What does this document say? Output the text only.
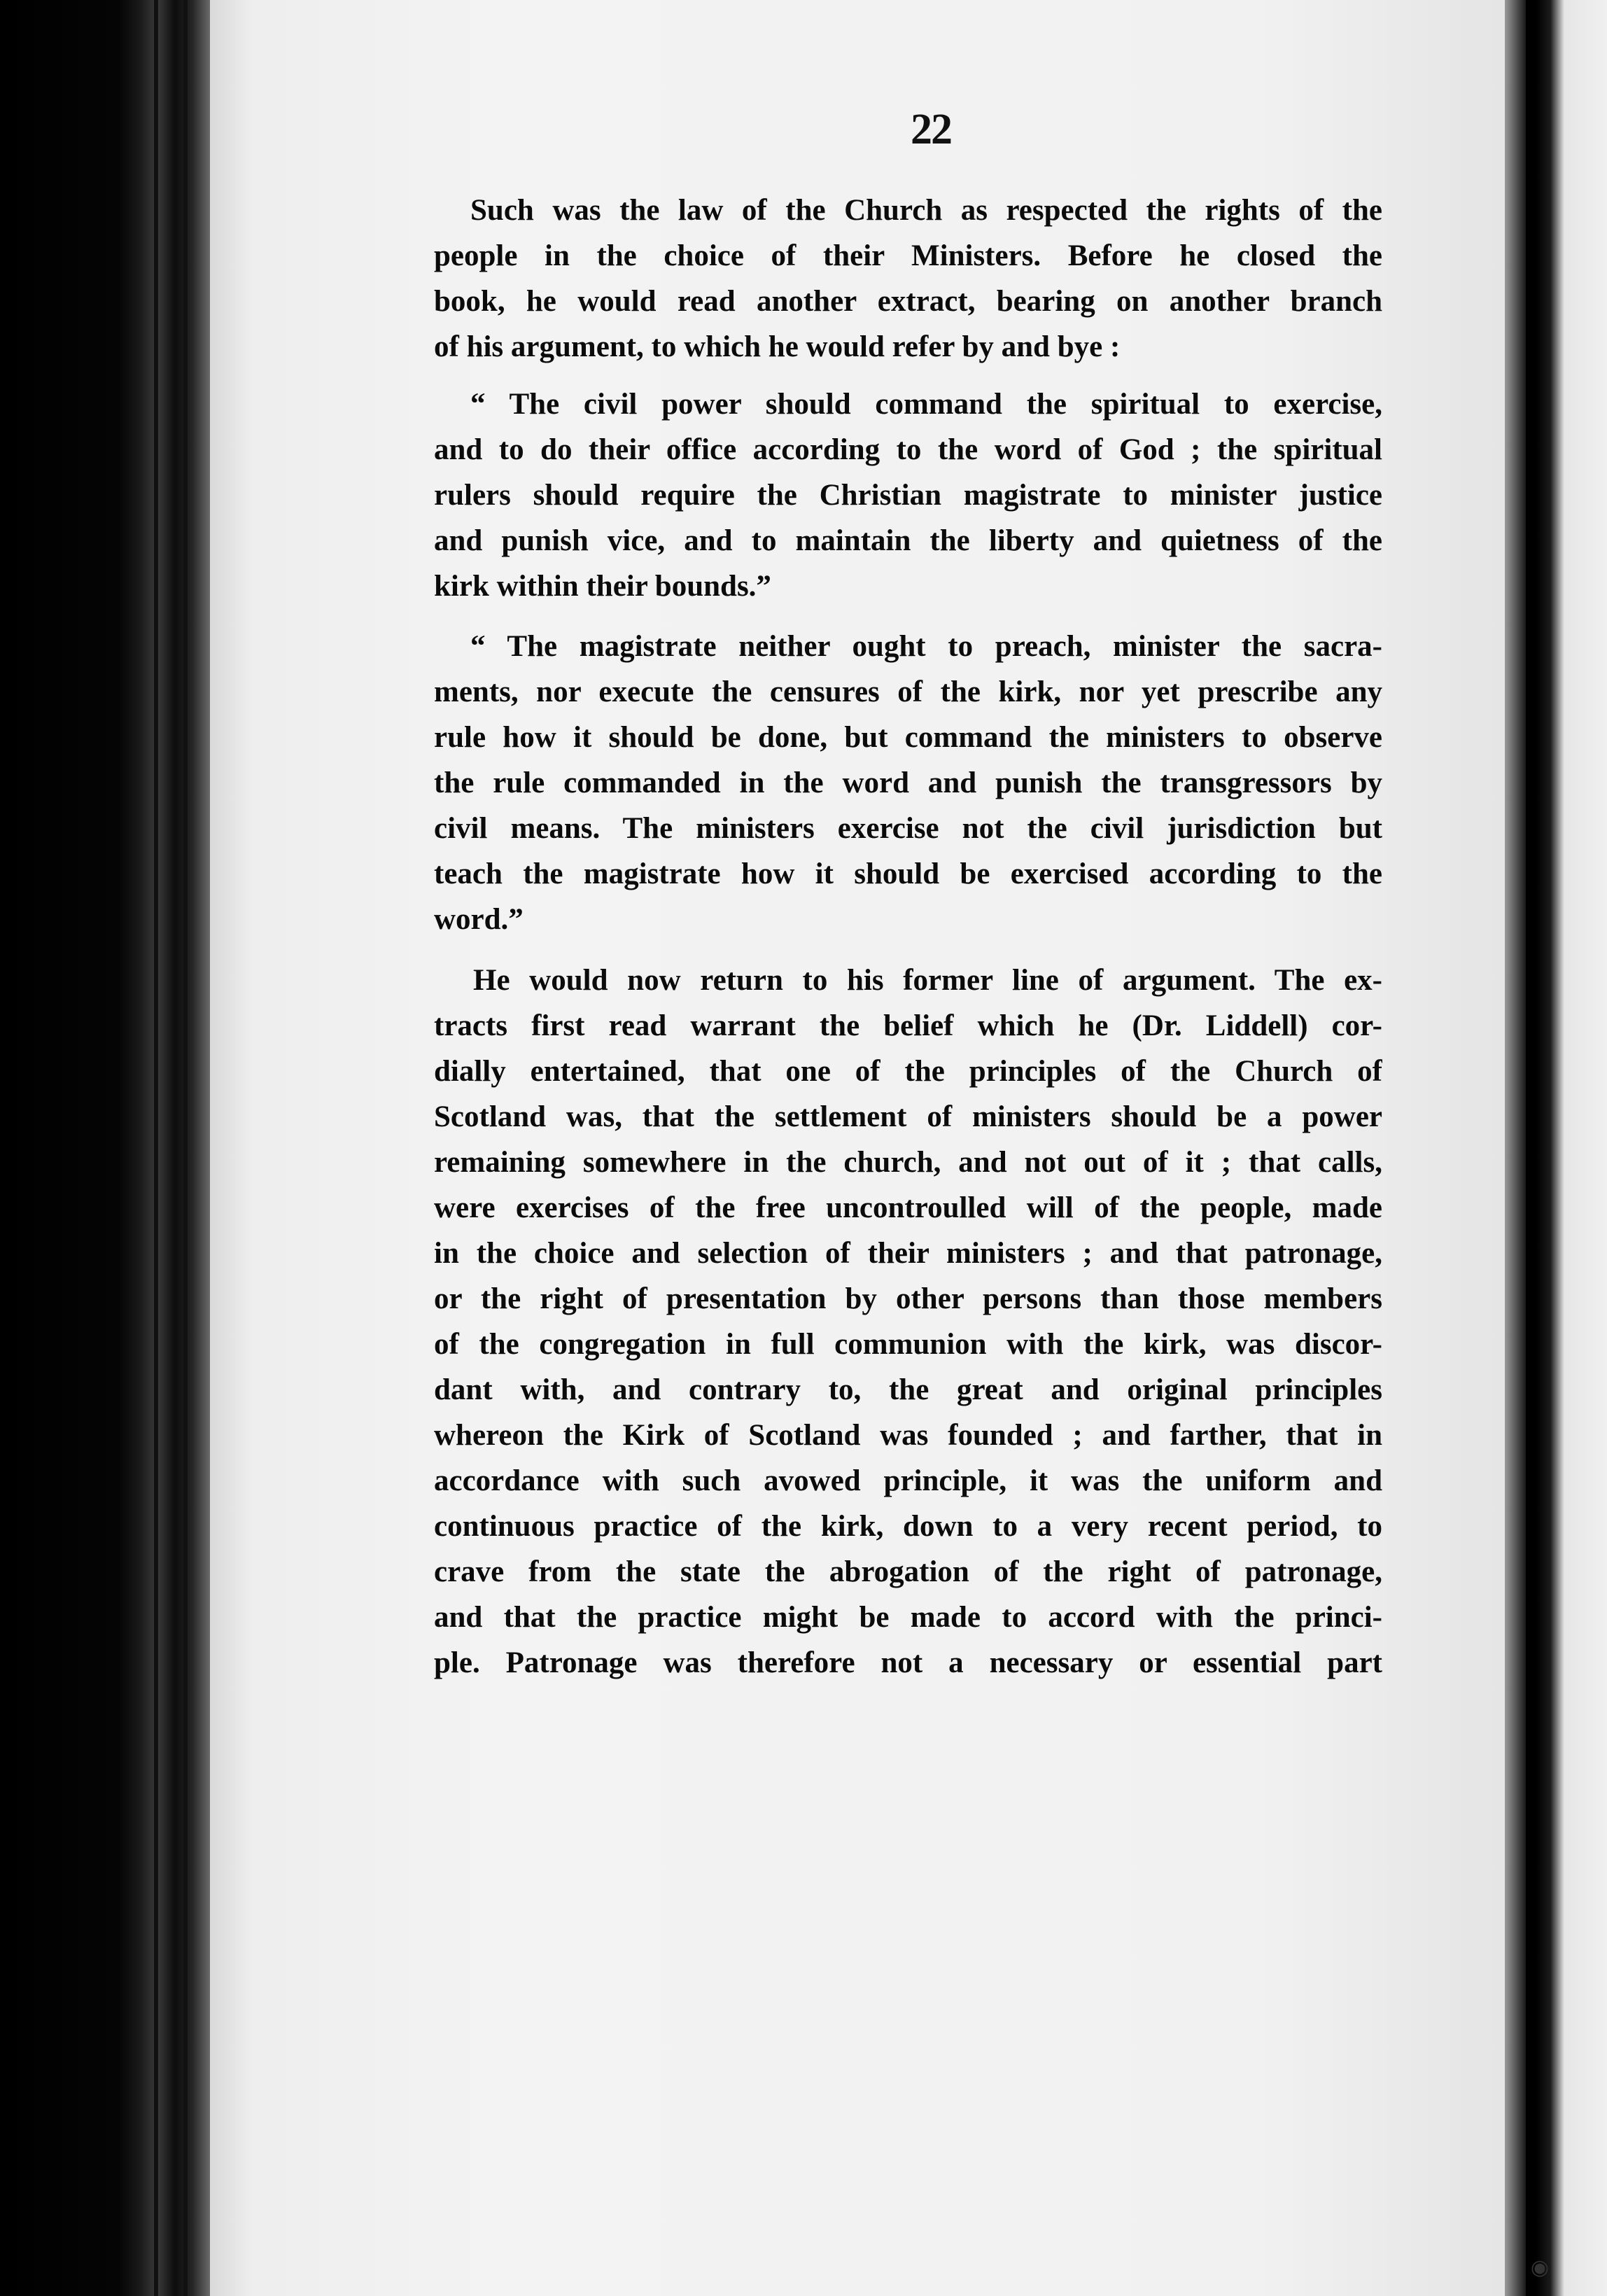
22
Such was the law of the Church as respected the rights of the
people in the choice of their Ministers. Before he closed the
book, he would read another extract, bearing on another branch
of his argument, to which he would refer by and bye :
“ The civil power should command the spiritual to exercise,
and to do their office according to the word of God ; the spiritual
rulers should require the Christian magistrate to minister justice
and punish vice, and to maintain the liberty and quietness of the
kirk within their bounds.”
“ The magistrate neither ought to preach, minister the sacra-
ments, nor execute the censures of the kirk, nor yet prescribe any
rule how it should be done, but command the ministers to observe
the rule commanded in the word and punish the transgressors by
civil means. The ministers exercise not the civil jurisdiction but
teach the magistrate how it should be exercised according to the
word.”
He would now return to his former line of argument. The ex-
tracts first read warrant the belief which he (Dr. Liddell) cor-
dially entertained, that one of the principles of the Church of
Scotland was, that the settlement of ministers should be a power
remaining somewhere in the church, and not out of it ; that calls,
were exercises of the free uncontroulled will of the people, made
in the choice and selection of their ministers ; and that patronage,
or the right of presentation by other persons than those members
of the congregation in full communion with the kirk, was discor-
dant with, and contrary to, the great and original principles
whereon the Kirk of Scotland was founded ; and farther, that in
accordance with such avowed principle, it was the uniform and
continuous practice of the kirk, down to a very recent period, to
crave from the state the abrogation of the right of patronage,
and that the practice might be made to accord with the princi-
ple. Patronage was therefore not a necessary or essential part
◉
